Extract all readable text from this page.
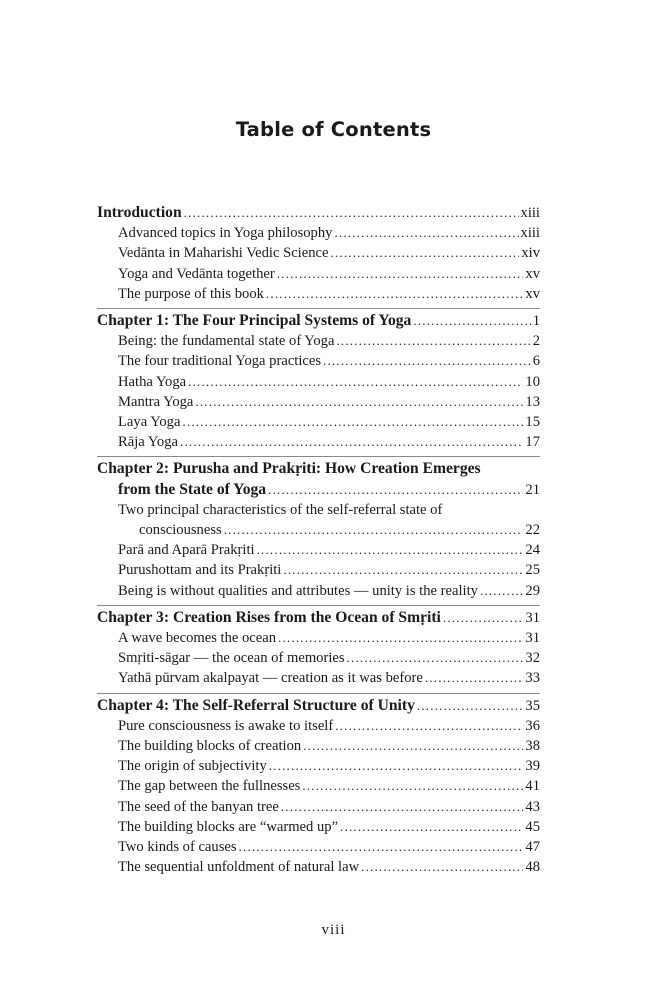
Table of Contents
Introduction .....	xiii
Advanced topics in Yoga philosophy .....	xiii
Vedānta in Maharishi Vedic Science .....	xiv
Yoga and Vedānta together .....	xv
The purpose of this book .....	xv
Chapter 1: The Four Principal Systems of Yoga .....	1
Being: the fundamental state of Yoga .....	2
The four traditional Yoga practices .....	6
Hatha Yoga .....	10
Mantra Yoga .....	13
Laya Yoga .....	15
Rāja Yoga .....	17
Chapter 2: Purusha and Prakṛiti: How Creation Emerges
from the State of Yoga .....	21
Two principal characteristics of the self-referral state of
consciousness .....	22
Parā and Aparā Prakṛiti .....	24
Purushottam and its Prakṛiti .....	25
Being is without qualities and attributes — unity is the reality .....	29
Chapter 3: Creation Rises from the Ocean of Smṛiti .....	31
A wave becomes the ocean .....	31
Smṛiti-sāgar — the ocean of memories .....	32
Yathā pūrvam akalpayat — creation as it was before .....	33
Chapter 4: The Self-Referral Structure of Unity .....	35
Pure consciousness is awake to itself .....	36
The building blocks of creation .....	38
The origin of subjectivity .....	39
The gap between the fullnesses .....	41
The seed of the banyan tree .....	43
The building blocks are “warmed up” .....	45
Two kinds of causes .....	47
The sequential unfoldment of natural law .....	48
viii
